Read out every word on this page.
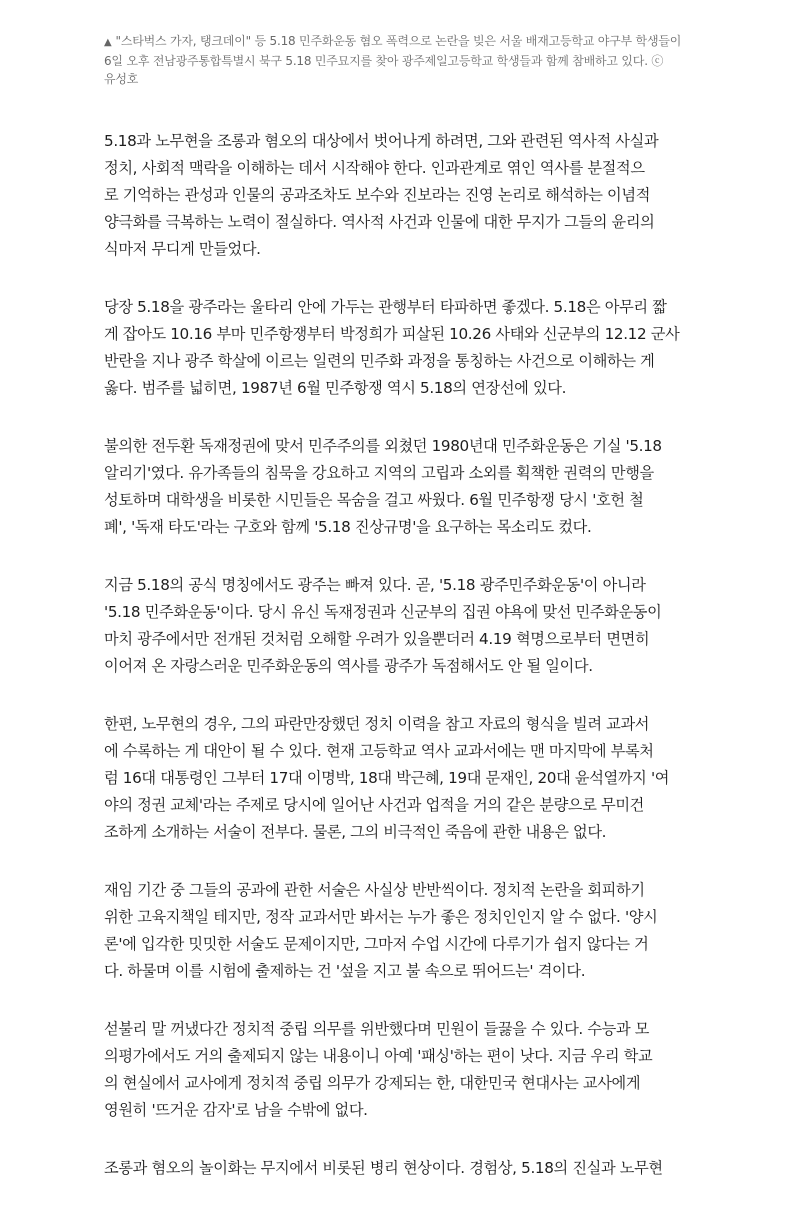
▲ "스타벅스 가자, 탱크데이" 등 5.18 민주화운동 혐오 폭력으로 논란을 빚은 서울 배재고등학교 야구부 학생들이 6일 오후 전남광주통합특별시 북구 5.18 민주묘지를 찾아 광주제일고등학교 학생들과 함께 참배하고 있다. ⓒ 유성호

5.18과 노무현을 조롱과 혐오의 대상에서 벗어나게 하려면, 그와 관련된 역사적 사실과
정치, 사회적 맥락을 이해하는 데서 시작해야 한다. 인과관계로 엮인 역사를 분절적으
로 기억하는 관성과 인물의 공과조차도 보수와 진보라는 진영 논리로 해석하는 이념적
양극화를 극복하는 노력이 절실하다. 역사적 사건과 인물에 대한 무지가 그들의 윤리의
식마저 무디게 만들었다.

당장 5.18을 광주라는 울타리 안에 가두는 관행부터 타파하면 좋겠다. 5.18은 아무리 짧
게 잡아도 10.16 부마 민주항쟁부터 박정희가 피살된 10.26 사태와 신군부의 12.12 군사
반란을 지나 광주 학살에 이르는 일련의 민주화 과정을 통칭하는 사건으로 이해하는 게
옳다. 범주를 넓히면, 1987년 6월 민주항쟁 역시 5.18의 연장선에 있다.

불의한 전두환 독재정권에 맞서 민주주의를 외쳤던 1980년대 민주화운동은 기실 '5.18
알리기'였다. 유가족들의 침묵을 강요하고 지역의 고립과 소외를 획책한 권력의 만행을
성토하며 대학생을 비롯한 시민들은 목숨을 걸고 싸웠다. 6월 민주항쟁 당시 '호헌 철
폐', '독재 타도'라는 구호와 함께 '5.18 진상규명'을 요구하는 목소리도 컸다.

지금 5.18의 공식 명칭에서도 광주는 빠져 있다. 곧, '5.18 광주민주화운동'이 아니라
'5.18 민주화운동'이다. 당시 유신 독재정권과 신군부의 집권 야욕에 맞선 민주화운동이
마치 광주에서만 전개된 것처럼 오해할 우려가 있을뿐더러 4.19 혁명으로부터 면면히
이어져 온 자랑스러운 민주화운동의 역사를 광주가 독점해서도 안 될 일이다.

한편, 노무현의 경우, 그의 파란만장했던 정치 이력을 참고 자료의 형식을 빌려 교과서
에 수록하는 게 대안이 될 수 있다. 현재 고등학교 역사 교과서에는 맨 마지막에 부록처
럼 16대 대통령인 그부터 17대 이명박, 18대 박근혜, 19대 문재인, 20대 윤석열까지 '여
야의 정권 교체'라는 주제로 당시에 일어난 사건과 업적을 거의 같은 분량으로 무미건
조하게 소개하는 서술이 전부다. 물론, 그의 비극적인 죽음에 관한 내용은 없다.

재임 기간 중 그들의 공과에 관한 서술은 사실상 반반씩이다. 정치적 논란을 회피하기
위한 고육지책일 테지만, 정작 교과서만 봐서는 누가 좋은 정치인인지 알 수 없다. '양시
론'에 입각한 밋밋한 서술도 문제이지만, 그마저 수업 시간에 다루기가 쉽지 않다는 거
다. 하물며 이를 시험에 출제하는 건 '섶을 지고 불 속으로 뛰어드는' 격이다.

섣불리 말 꺼냈다간 정치적 중립 의무를 위반했다며 민원이 들끓을 수 있다. 수능과 모
의평가에서도 거의 출제되지 않는 내용이니 아예 '패싱'하는 편이 낫다. 지금 우리 학교
의 현실에서 교사에게 정치적 중립 의무가 강제되는 한, 대한민국 현대사는 교사에게
영원히 '뜨거운 감자'로 남을 수밖에 없다.

조롱과 혐오의 놀이화는 무지에서 비롯된 병리 현상이다. 경험상, 5.18의 진실과 노무현
